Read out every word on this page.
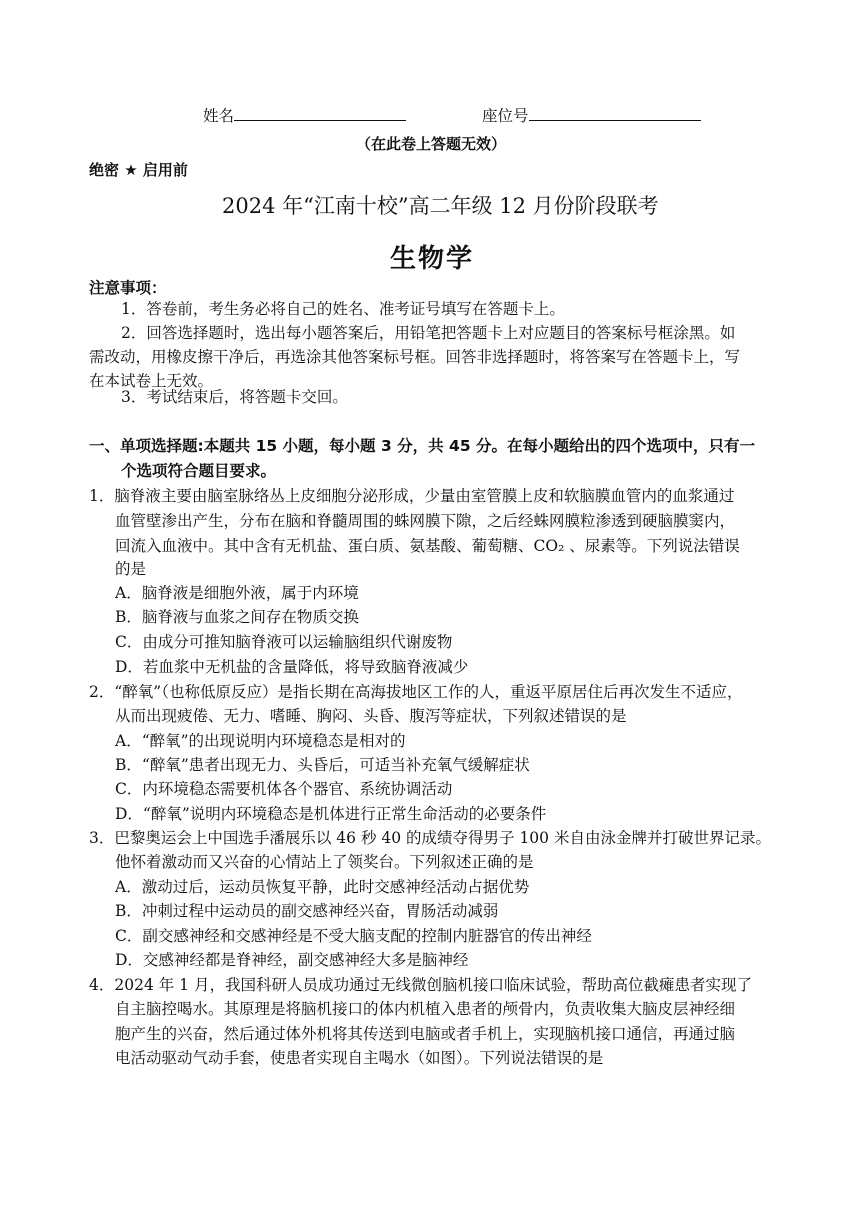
姓名	座位号
（在此卷上答题无效）
绝密 ★ 启用前
2024 年“江南十校”高二年级 12 月份阶段联考
生物学
注意事项：
1．答卷前，考生务必将自己的姓名、准考证号填写在答题卡上。
2．回答选择题时，选出每小题答案后，用铅笔把答题卡上对应题目的答案标号框涂黑。如
需改动，用橡皮擦干净后，再选涂其他答案标号框。回答非选择题时，将答案写在答题卡上，写
在本试卷上无效。
3．考试结束后，将答题卡交回。
一、单项选择题:本题共 15 小题，每小题 3 分，共 45 分。在每小题给出的四个选项中，只有一
个选项符合题目要求。
1．脑脊液主要由脑室脉络丛上皮细胞分泌形成，少量由室管膜上皮和软脑膜血管内的血浆通过
血管壁渗出产生，分布在脑和脊髓周围的蛛网膜下隙，之后经蛛网膜粒渗透到硬脑膜窦内，
回流入血液中。其中含有无机盐、蛋白质、氨基酸、葡萄糖、CO₂ 、尿素等。下列说法错误
的是
A．脑脊液是细胞外液，属于内环境
B．脑脊液与血浆之间存在物质交换
C．由成分可推知脑脊液可以运输脑组织代谢废物
D．若血浆中无机盐的含量降低，将导致脑脊液减少
2．“醉氧”（也称低原反应）是指长期在高海拔地区工作的人，重返平原居住后再次发生不适应，
从而出现疲倦、无力、嗜睡、胸闷、头昏、腹泻等症状，下列叙述错误的是
A．“醉氧”的出现说明内环境稳态是相对的
B．“醉氧”患者出现无力、头昏后，可适当补充氧气缓解症状
C．内环境稳态需要机体各个器官、系统协调活动
D．“醉氧”说明内环境稳态是机体进行正常生命活动的必要条件
3．巴黎奥运会上中国选手潘展乐以 46 秒 40 的成绩夺得男子 100 米自由泳金牌并打破世界记录。
他怀着激动而又兴奋的心情站上了领奖台。下列叙述正确的是
A．激动过后，运动员恢复平静，此时交感神经活动占据优势
B．冲刺过程中运动员的副交感神经兴奋，胃肠活动减弱
C．副交感神经和交感神经是不受大脑支配的控制内脏器官的传出神经
D．交感神经都是脊神经，副交感神经大多是脑神经
4．2024 年 1 月，我国科研人员成功通过无线微创脑机接口临床试验，帮助高位截瘫患者实现了
自主脑控喝水。其原理是将脑机接口的体内机植入患者的颅骨内，负责收集大脑皮层神经细
胞产生的兴奋，然后通过体外机将其传送到电脑或者手机上，实现脑机接口通信，再通过脑
电活动驱动气动手套，使患者实现自主喝水（如图）。下列说法错误的是
